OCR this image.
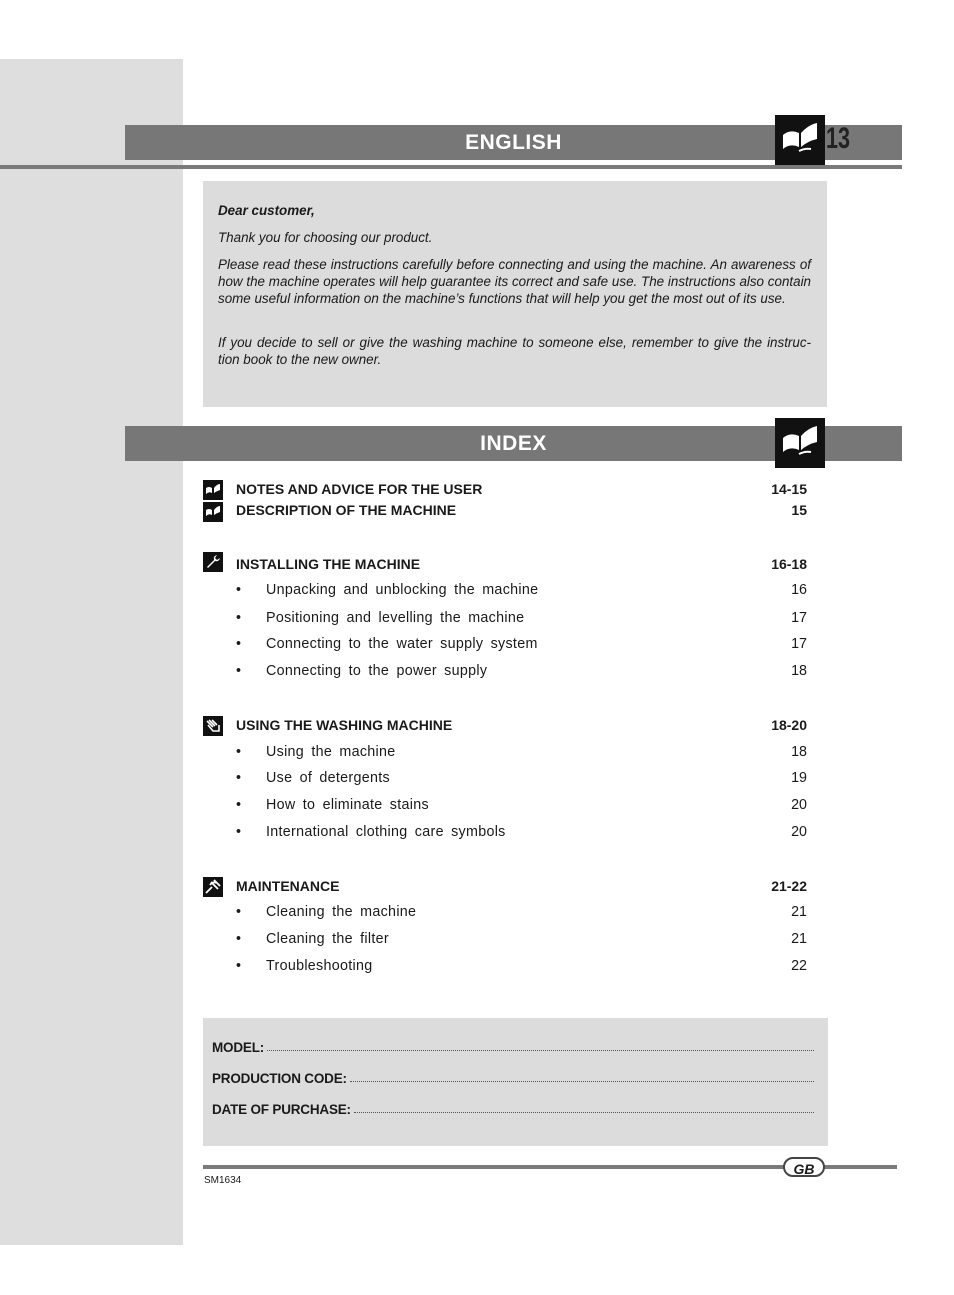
ENGLISH	13

Dear customer,

Thank you for choosing our product.

Please read these instructions carefully before connecting and using the machine. An awareness of how the machine operates will help guarantee its correct and safe use. The instructions also contain some useful information on the machine’s functions that will help you get the most out of its use.

If you decide to sell or give the washing machine to someone else, remember to give the instruc-tion book to the new owner.

INDEX
NOTES AND ADVICE FOR THE USER	14-15
DESCRIPTION OF THE MACHINE	15
INSTALLING THE MACHINE	16-18
• Unpacking and unblocking the machine	16
• Positioning and levelling the machine	17
• Connecting to the water supply system	17
• Connecting to the power supply	18
USING THE WASHING MACHINE	18-20
• Using the machine	18
• Use of detergents	19
• How to eliminate stains	20
• International clothing care symbols	20
MAINTENANCE	21-22
• Cleaning the machine	21
• Cleaning the filter	21
• Troubleshooting	22
MODEL:
PRODUCTION CODE:
DATE OF PURCHASE:
GB
SM1634
